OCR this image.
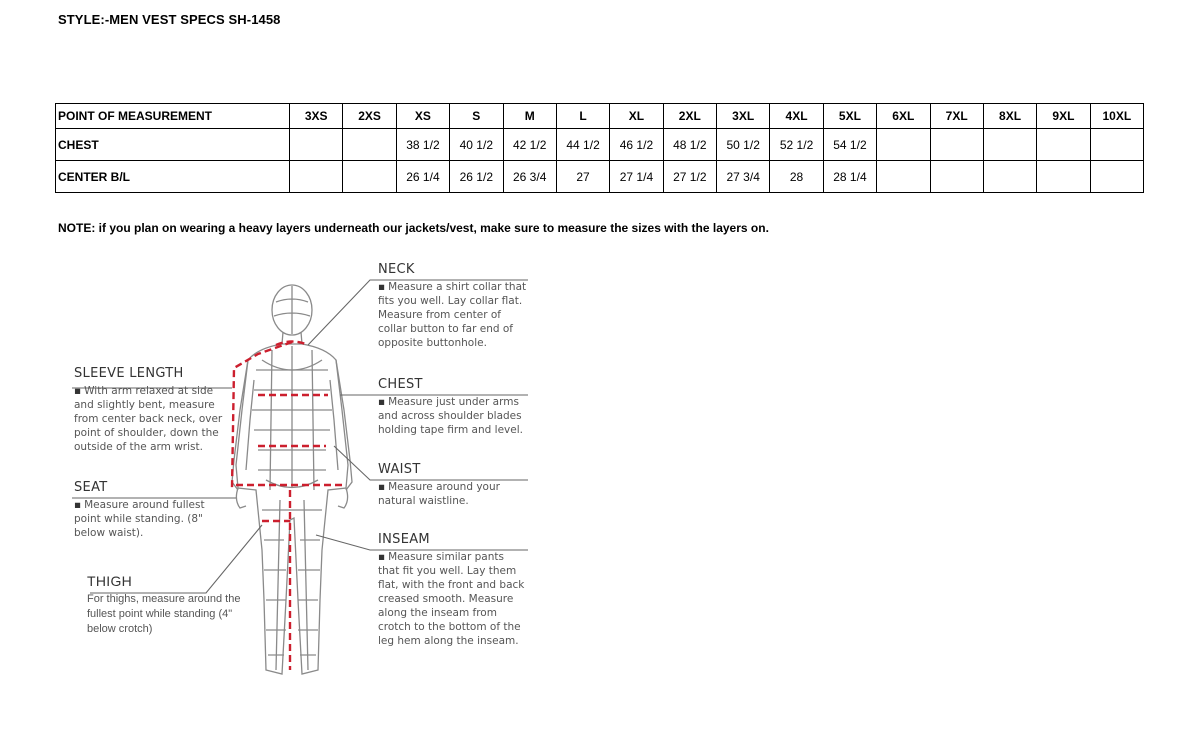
STYLE:-MEN VEST SPECS SH-1458
POINT OF MEASUREMENT	3XS	2XS	XS	S	M	L	XL	2XL	3XL	4XL	5XL	6XL	7XL	8XL	9XL	10XL
CHEST			38 1/2	40 1/2	42 1/2	44 1/2	46 1/2	48 1/2	50 1/2	52 1/2	54 1/2					
CENTER B/L			26 1/4	26 1/2	26 3/4	27	27 1/4	27 1/2	27 3/4	28	28 1/4					
NOTE: if you plan on wearing a heavy layers underneath our jackets/vest, make sure to measure the sizes with the layers on.
NECK
▪ Measure a shirt collar that fits you well. Lay collar flat. Measure from center of collar button to far end of opposite buttonhole.
CHEST
▪ Measure just under arms and across shoulder blades holding tape firm and level.
WAIST
▪ Measure around your natural waistline.
INSEAM
▪ Measure similar pants that fit you well. Lay them flat, with the front and back creased smooth. Measure along the inseam from crotch to the bottom of the leg hem along the inseam.
SLEEVE LENGTH
▪ With arm relaxed at side and slightly bent, measure from center back neck, over point of shoulder, down the outside of the arm wrist.
SEAT
▪ Measure around fullest point while standing. (8" below waist).
THIGH
For thighs, measure around the fullest point while standing (4" below crotch)
